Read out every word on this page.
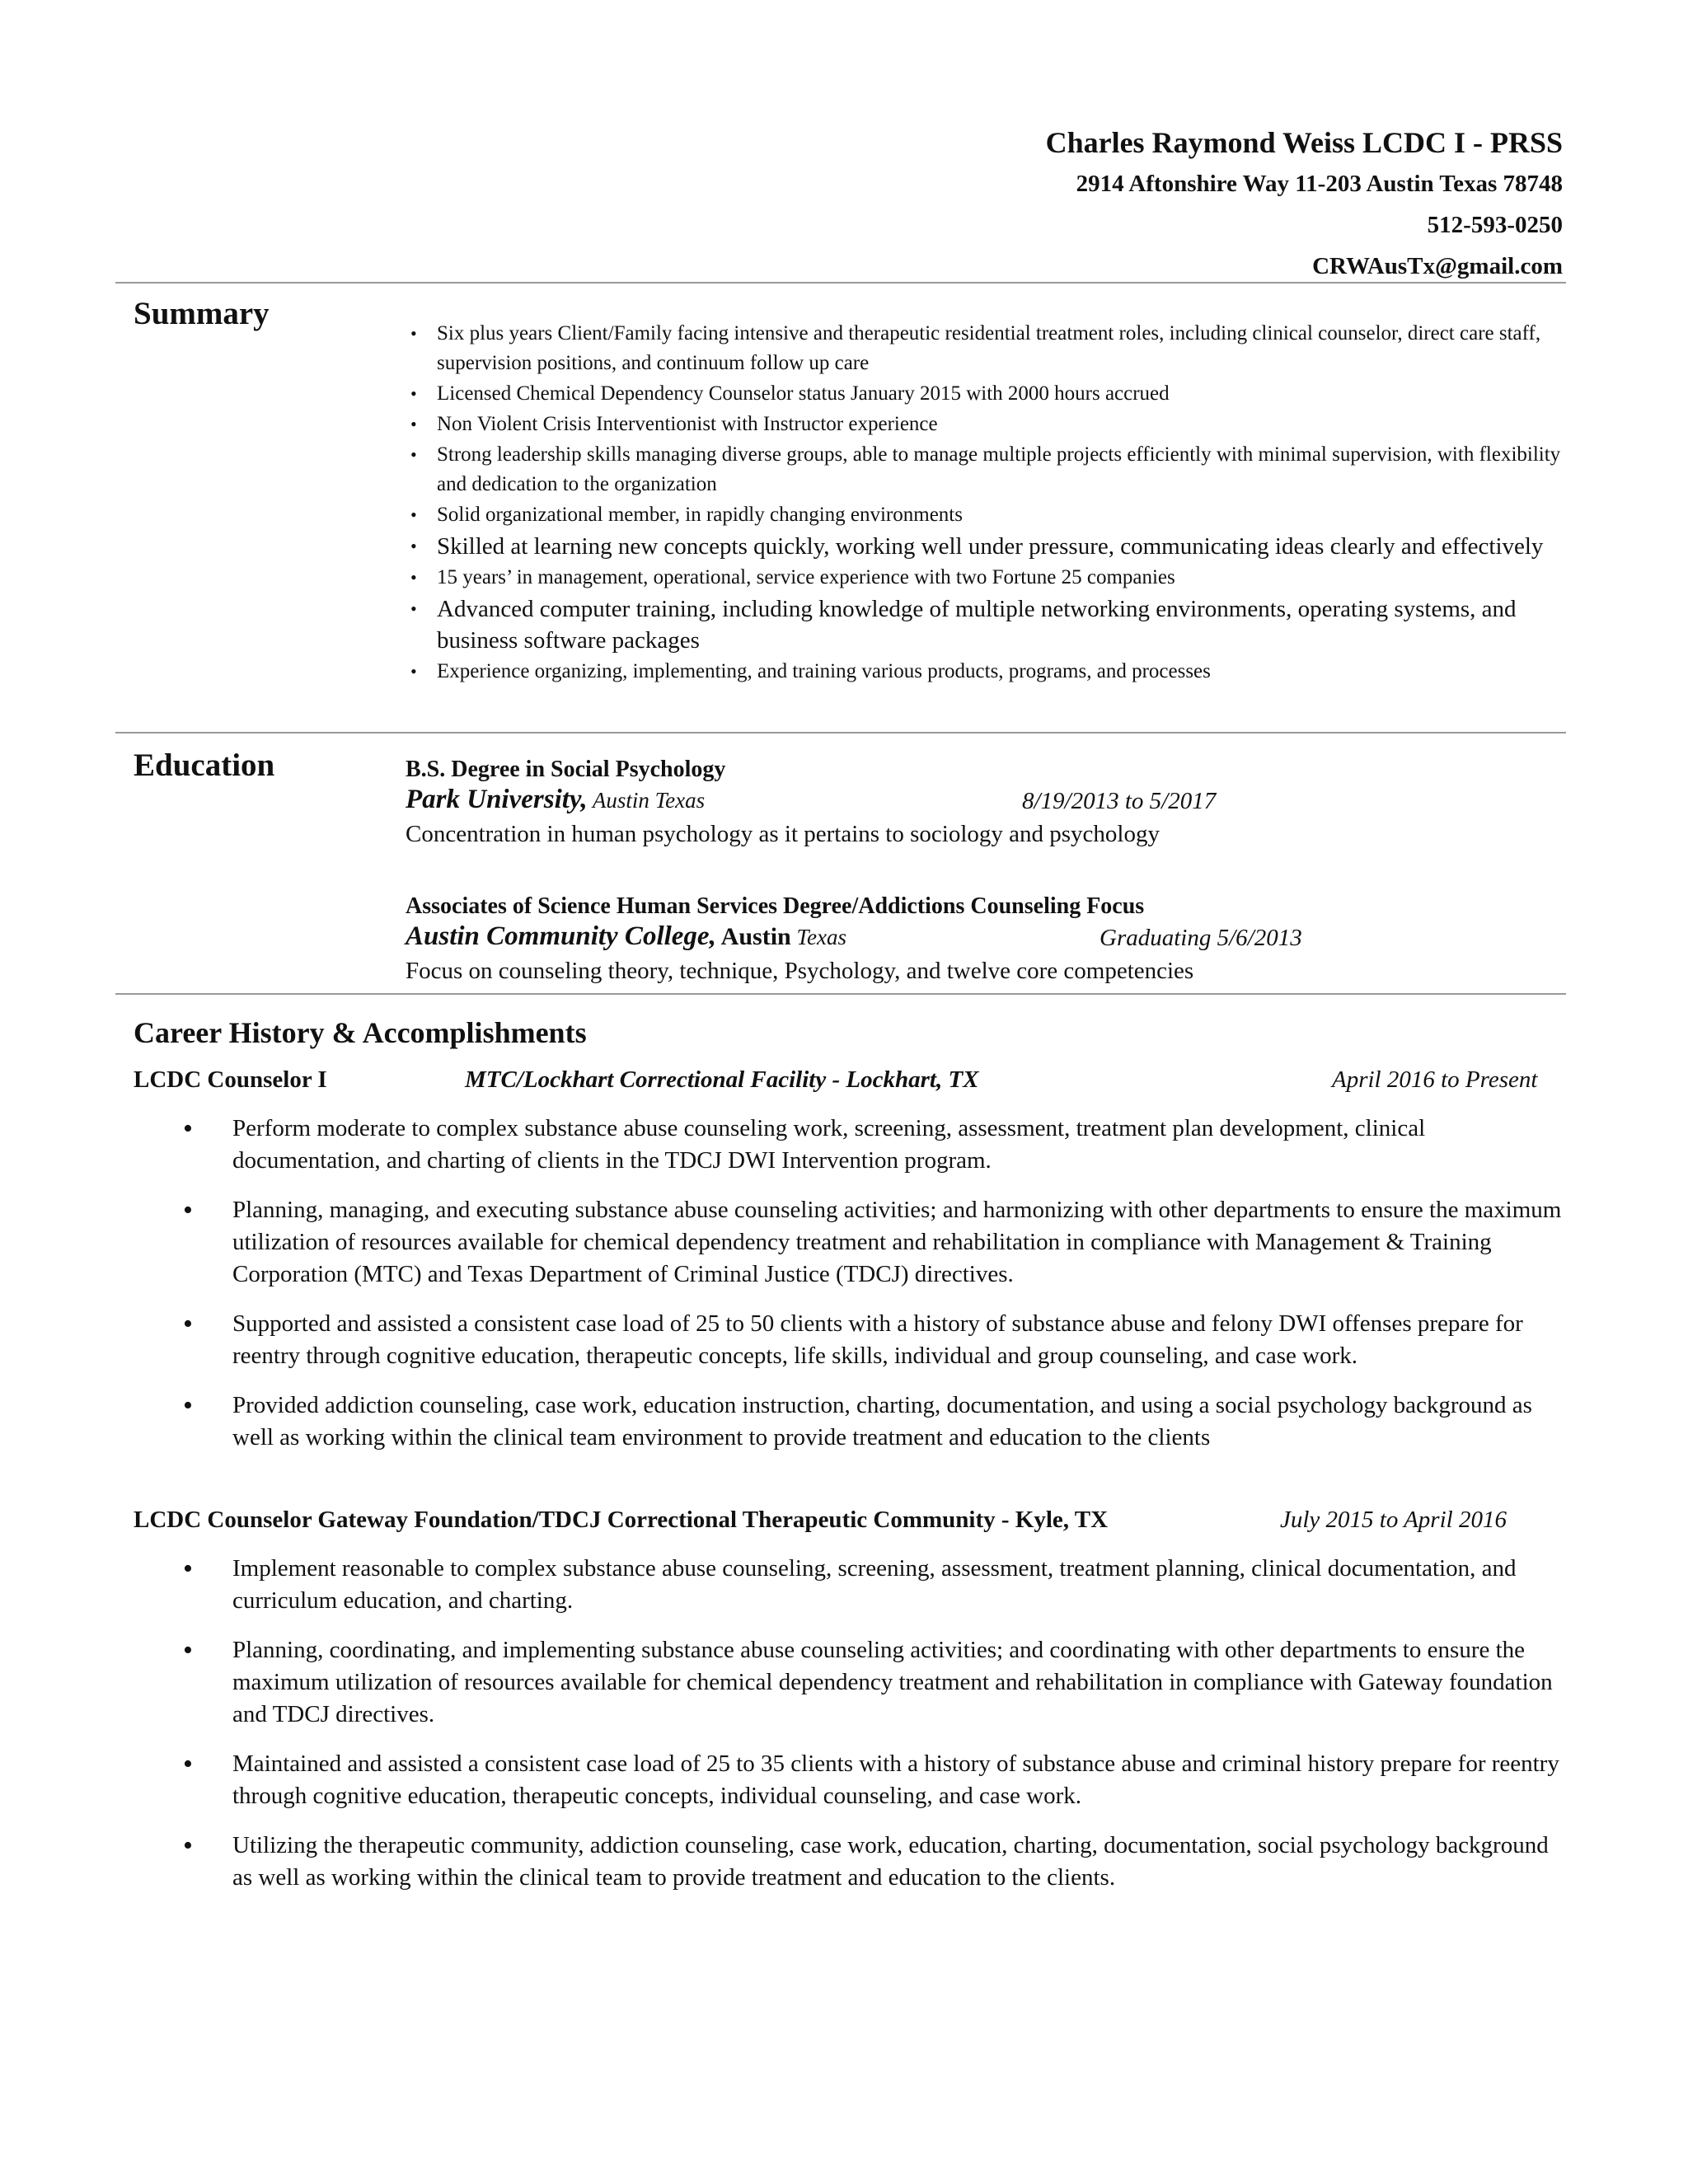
Charles Raymond Weiss LCDC I - PRSS
2914 Aftonshire Way 11-203 Austin Texas 78748
512-593-0250
CRWAusTx@gmail.com
Summary
• Six plus years Client/Family facing intensive and therapeutic residential treatment roles, including clinical counselor, direct care staff, supervision positions, and continuum follow up care
• Licensed Chemical Dependency Counselor status January 2015 with 2000 hours accrued
• Non Violent Crisis Interventionist with Instructor experience
• Strong leadership skills managing diverse groups, able to manage multiple projects efficiently with minimal supervision, with flexibility and dedication to the organization
• Solid organizational member, in rapidly changing environments
• Skilled at learning new concepts quickly, working well under pressure, communicating ideas clearly and effectively
• 15 years’ in management, operational, service experience with two Fortune 25 companies
• Advanced computer training, including knowledge of multiple networking environments, operating systems, and business software packages
• Experience organizing, implementing, and training various products, programs, and processes
Education	B.S. Degree in Social Psychology
Park University, Austin Texas	8/19/2013 to 5/2017
Concentration in human psychology as it pertains to sociology and psychology
Associates of Science Human Services Degree/Addictions Counseling Focus
Austin Community College, Austin Texas	Graduating 5/6/2013
Focus on counseling theory, technique, Psychology, and twelve core competencies
Career History & Accomplishments
LCDC Counselor I	MTC/Lockhart Correctional Facility - Lockhart, TX	April 2016 to Present
• Perform moderate to complex substance abuse counseling work, screening, assessment, treatment plan development, clinical documentation, and charting of clients in the TDCJ DWI Intervention program.
• Planning, managing, and executing substance abuse counseling activities; and harmonizing with other departments to ensure the maximum utilization of resources available for chemical dependency treatment and rehabilitation in compliance with Management & Training Corporation (MTC) and Texas Department of Criminal Justice (TDCJ) directives.
• Supported and assisted a consistent case load of 25 to 50 clients with a history of substance abuse and felony DWI offenses prepare for reentry through cognitive education, therapeutic concepts, life skills, individual and group counseling, and case work.
• Provided addiction counseling, case work, education instruction, charting, documentation, and using a social psychology background as well as working within the clinical team environment to provide treatment and education to the clients
LCDC Counselor Gateway Foundation/TDCJ Correctional Therapeutic Community - Kyle, TX	July 2015 to April 2016
• Implement reasonable to complex substance abuse counseling, screening, assessment, treatment planning, clinical documentation, and curriculum education, and charting.
• Planning, coordinating, and implementing substance abuse counseling activities; and coordinating with other departments to ensure the maximum utilization of resources available for chemical dependency treatment and rehabilitation in compliance with Gateway foundation and TDCJ directives.
• Maintained and assisted a consistent case load of 25 to 35 clients with a history of substance abuse and criminal history prepare for reentry through cognitive education, therapeutic concepts, individual counseling, and case work.
• Utilizing the therapeutic community, addiction counseling, case work, education, charting, documentation, social psychology background as well as working within the clinical team to provide treatment and education to the clients.
